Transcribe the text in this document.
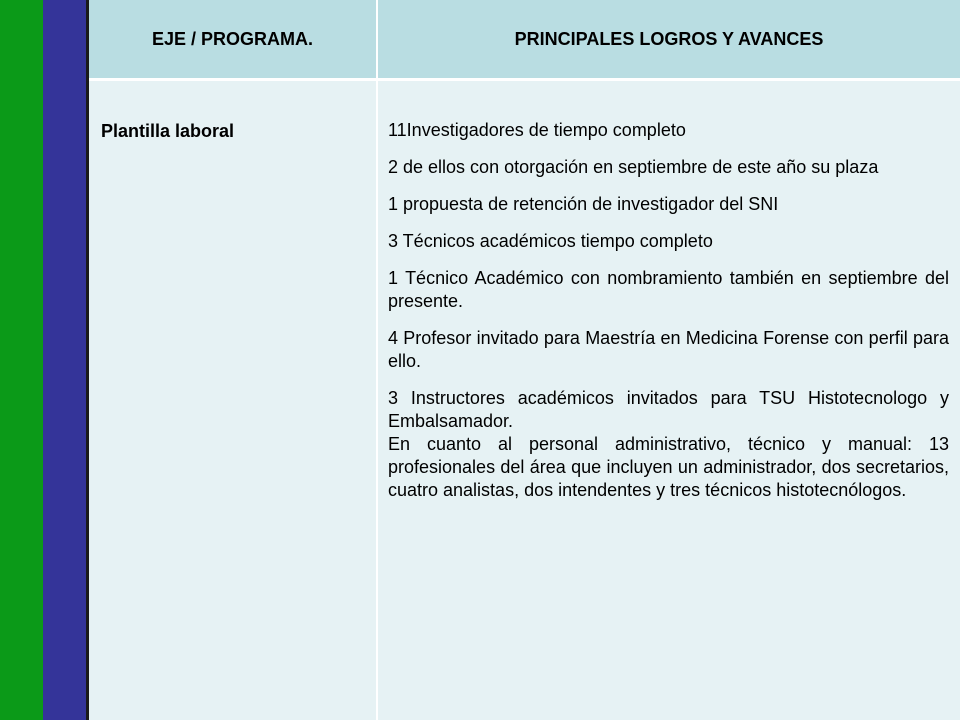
EJE / PROGRAMA.	PRINCIPALES LOGROS Y AVANCES
Plantilla laboral	11Investigadores de tiempo completo

2 de ellos con otorgación en septiembre de este año su plaza

1 propuesta de retención de investigador del SNI

3 Técnicos académicos tiempo completo

1 Técnico Académico con nombramiento también en septiembre del presente.

4 Profesor invitado para Maestría en Medicina Forense con perfil para ello.

3 Instructores académicos invitados para TSU Histotecnologo y Embalsamador.

En cuanto al personal administrativo, técnico y manual: 13 profesionales del área que incluyen un administrador, dos secretarios, cuatro analistas, dos intendentes y tres técnicos histotecnólogos.
